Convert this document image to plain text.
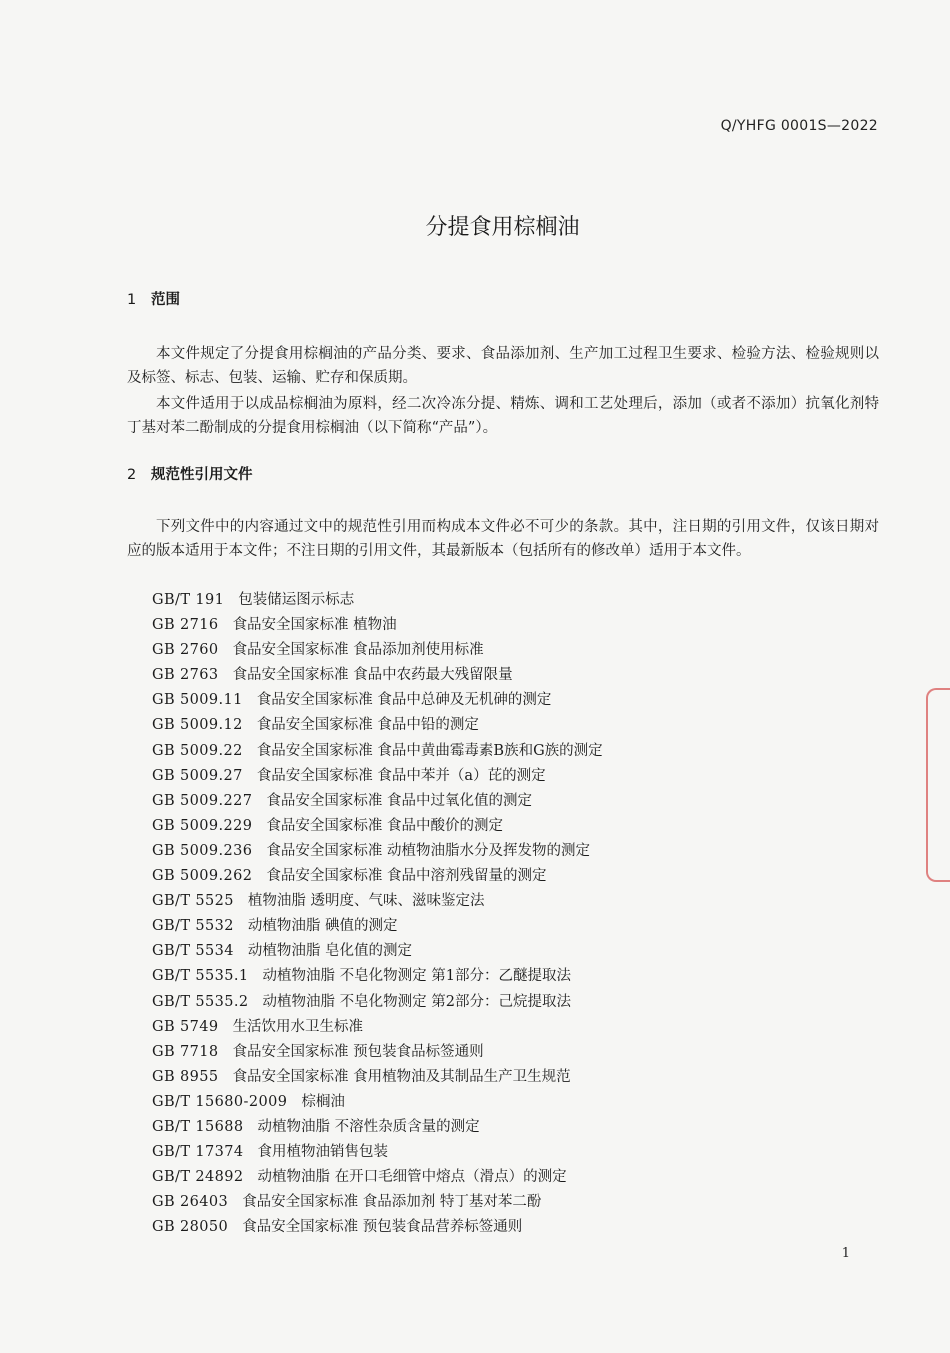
Q/YHFG 0001S—2022
分提食用棕榈油
1 范围

本文件规定了分提食用棕榈油的产品分类、要求、食品添加剂、生产加工过程卫生要求、检验方法、检验规则以及标签、标志、包装、运输、贮存和保质期。

本文件适用于以成品棕榈油为原料，经二次冷冻分提、精炼、调和工艺处理后，添加（或者不添加）抗氧化剂特丁基对苯二酚制成的分提食用棕榈油（以下简称“产品”）。

2 规范性引用文件

下列文件中的内容通过文中的规范性引用而构成本文件必不可少的条款。其中，注日期的引用文件，仅该日期对应的版本适用于本文件；不注日期的引用文件，其最新版本（包括所有的修改单）适用于本文件。

GB/T 191 包装储运图示标志
GB 2716 食品安全国家标准 植物油
GB 2760 食品安全国家标准 食品添加剂使用标准
GB 2763 食品安全国家标准 食品中农药最大残留限量
GB 5009.11 食品安全国家标准 食品中总砷及无机砷的测定
GB 5009.12 食品安全国家标准 食品中铅的测定
GB 5009.22 食品安全国家标准 食品中黄曲霉毒素B族和G族的测定
GB 5009.27 食品安全国家标准 食品中苯并（a）芘的测定
GB 5009.227 食品安全国家标准 食品中过氧化值的测定
GB 5009.229 食品安全国家标准 食品中酸价的测定
GB 5009.236 食品安全国家标准 动植物油脂水分及挥发物的测定
GB 5009.262 食品安全国家标准 食品中溶剂残留量的测定
GB/T 5525 植物油脂 透明度、气味、滋味鉴定法
GB/T 5532 动植物油脂 碘值的测定
GB/T 5534 动植物油脂 皂化值的测定
GB/T 5535.1 动植物油脂 不皂化物测定 第1部分：乙醚提取法
GB/T 5535.2 动植物油脂 不皂化物测定 第2部分：己烷提取法
GB 5749 生活饮用水卫生标准
GB 7718 食品安全国家标准 预包装食品标签通则
GB 8955 食品安全国家标准 食用植物油及其制品生产卫生规范
GB/T 15680-2009 棕榈油
GB/T 15688 动植物油脂 不溶性杂质含量的测定
GB/T 17374 食用植物油销售包装
GB/T 24892 动植物油脂 在开口毛细管中熔点（滑点）的测定
GB 26403 食品安全国家标准 食品添加剂 特丁基对苯二酚
GB 28050 食品安全国家标准 预包装食品营养标签通则
1
